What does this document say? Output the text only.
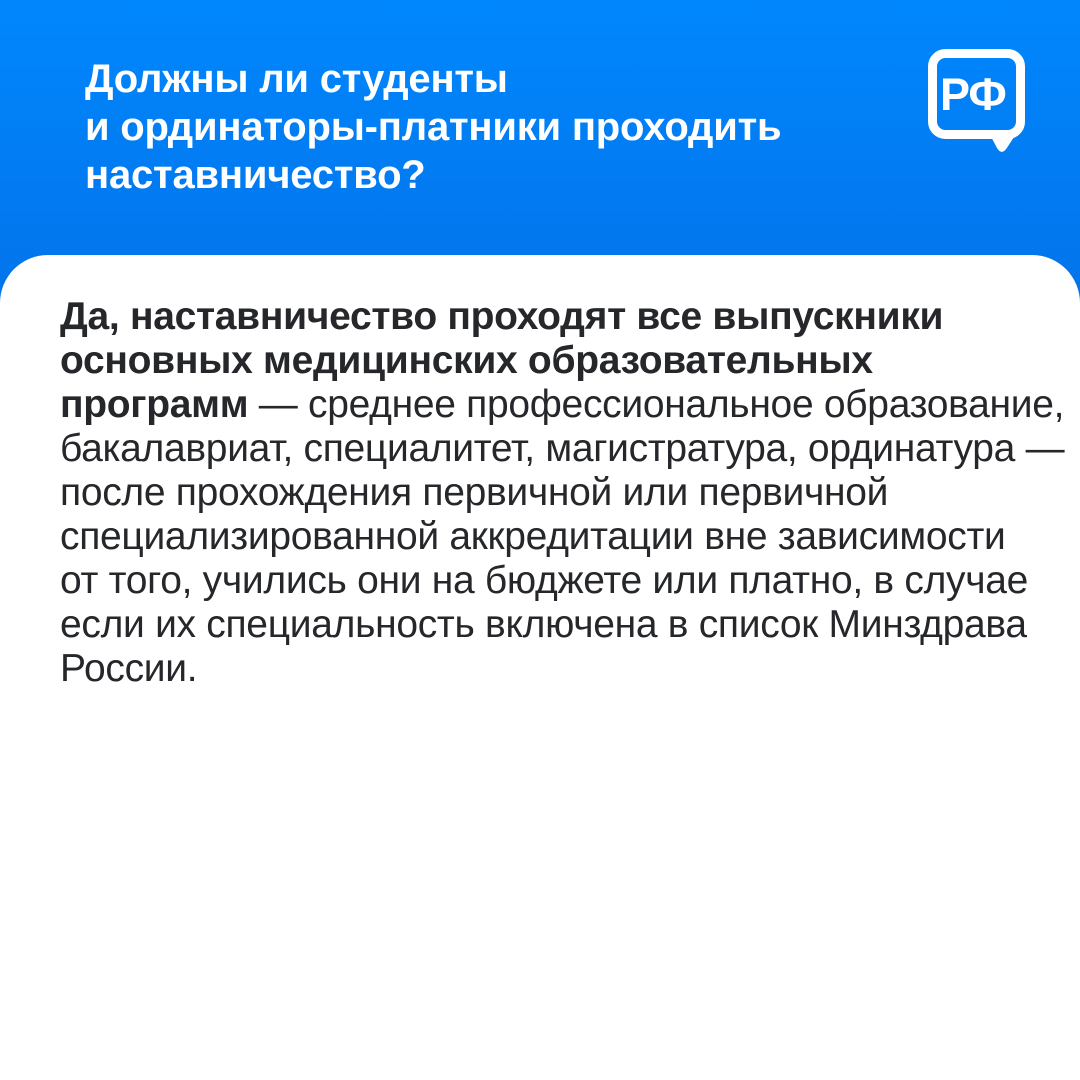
Должны ли студенты
и ординаторы-платники проходить
наставничество?
РФ
Да, наставничество проходят все выпускники
основных медицинских образовательных
программ — среднее профессиональное образование,
бакалавриат, специалитет, магистратура, ординатура —
после прохождения первичной или первичной
специализированной аккредитации вне зависимости
от того, учились они на бюджете или платно, в случае
если их специальность включена в список Минздрава
России.
